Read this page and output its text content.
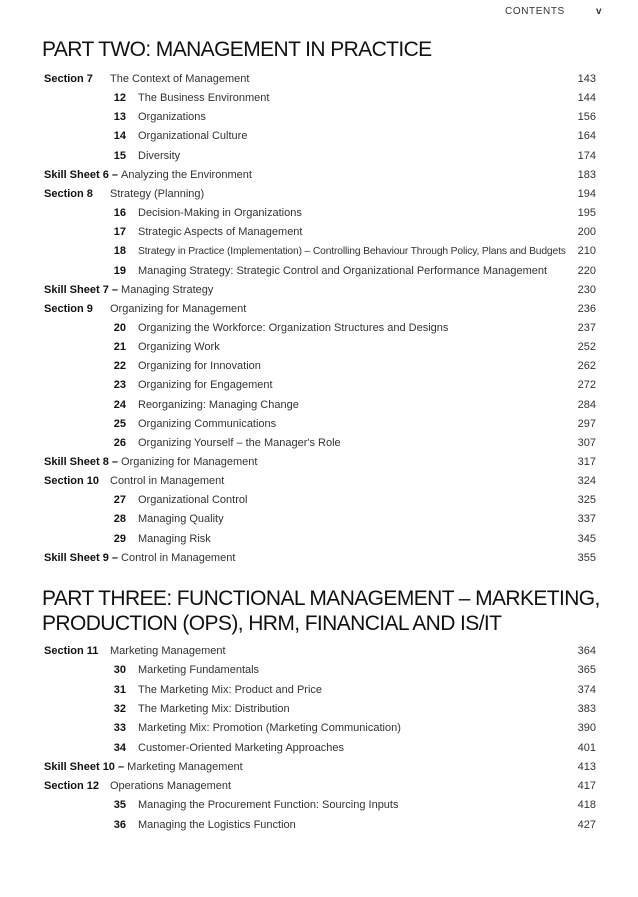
CONTENTS	v
PART TWO: MANAGEMENT IN PRACTICE
Section 7 The Context of Management	143
12 The Business Environment	144
13 Organizations	156
14 Organizational Culture	164
15 Diversity	174
Skill Sheet 6 – Analyzing the Environment	183
Section 8 Strategy (Planning)	194
16 Decision-Making in Organizations	195
17 Strategic Aspects of Management	200
18 Strategy in Practice (Implementation) – Controlling Behaviour Through Policy, Plans and Budgets 210
19 Managing Strategy: Strategic Control and Organizational Performance Management	220
Skill Sheet 7 – Managing Strategy	230
Section 9 Organizing for Management	236
20 Organizing the Workforce: Organization Structures and Designs	237
21 Organizing Work	252
22 Organizing for Innovation	262
23 Organizing for Engagement	272
24 Reorganizing: Managing Change	284
25 Organizing Communications	297
26 Organizing Yourself – the Manager's Role	307
Skill Sheet 8 – Organizing for Management	317
Section 10 Control in Management	324
27 Organizational Control	325
28 Managing Quality	337
29 Managing Risk	345
Skill Sheet 9 – Control in Management	355
PART THREE: FUNCTIONAL MANAGEMENT – MARKETING,
PRODUCTION (OPS), HRM, FINANCIAL AND IS/IT
Section 11 Marketing Management	364
30 Marketing Fundamentals	365
31 The Marketing Mix: Product and Price	374
32 The Marketing Mix: Distribution	383
33 Marketing Mix: Promotion (Marketing Communication)	390
34 Customer-Oriented Marketing Approaches	401
Skill Sheet 10 – Marketing Management	413
Section 12 Operations Management	417
35 Managing the Procurement Function: Sourcing Inputs	418
36 Managing the Logistics Function	427
